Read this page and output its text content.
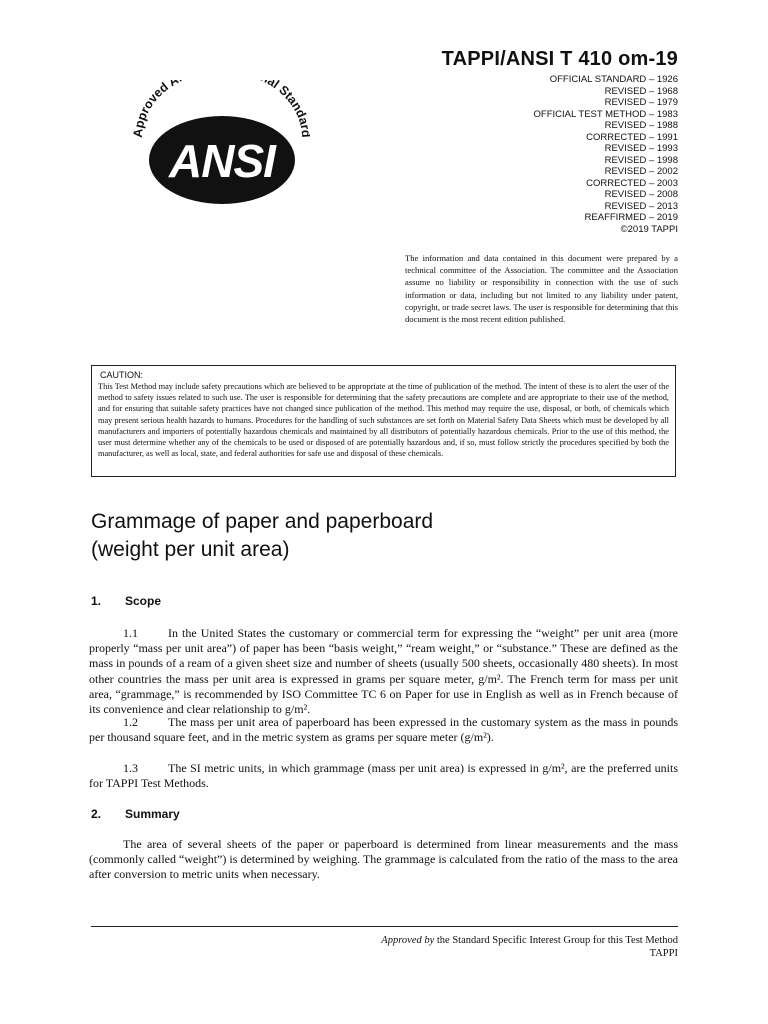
TAPPI/ANSI T 410 om-19
OFFICIAL STANDARD – 1926
REVISED – 1968
REVISED – 1979
OFFICIAL TEST METHOD – 1983
REVISED – 1988
CORRECTED – 1991
REVISED – 1993
REVISED – 1998
REVISED – 2002
CORRECTED – 2003
REVISED – 2008
REVISED – 2013
REAFFIRMED – 2019
©2019 TAPPI
Approved A al Standa
ANSI
The information and data contained in this document were prepared by a technical committee of the Association. The committee and the Association assume no liability or responsibility in connection with the use of such information or data, including but not limited to any liability under patent, copyright, or trade secret laws. The user is responsible for determining that this document is the most recent edition published.
CAUTION:
This Test Method may include safety precautions which are believed to be appropriate at the time of publication of the method. The intent of these is to alert the user of the method to safety issues related to such use. The user is responsible for determining that the safety precautions are complete and are appropriate to their use of the method, and for ensuring that suitable safety practices have not changed since publication of the method. This method may require the use, disposal, or both, of chemicals which may present serious health hazards to humans. Procedures for the handling of such substances are set forth on Material Safety Data Sheets which must be developed by all manufacturers and importers of potentially hazardous chemicals and maintained by all distributors of potentially hazardous chemicals. Prior to the use of this method, the user must determine whether any of the chemicals to be used or disposed of are potentially hazardous and, if so, must follow strictly the procedures specified by both the manufacturer, as well as local, state, and federal authorities for safe use and disposal of these chemicals.
Grammage of paper and paperboard
(weight per unit area)
1. Scope
1.1	In the United States the customary or commercial term for expressing the “weight” per unit area (more properly “mass per unit area”) of paper has been “basis weight,” “ream weight,” or “substance.” These are defined as the mass in pounds of a ream of a given sheet size and number of sheets (usually 500 sheets, occasionally 480 sheets). In most other countries the mass per unit area is expressed in grams per square meter, g/m². The French term for mass per unit area, “grammage,” is recommended by ISO Committee TC 6 on Paper for use in English as well as in French because of its convenience and clear relationship to g/m².
1.2	The mass per unit area of paperboard has been expressed in the customary system as the mass in pounds per thousand square feet, and in the metric system as grams per square meter (g/m²).
1.3	The SI metric units, in which grammage (mass per unit area) is expressed in g/m², are the preferred units for TAPPI Test Methods.
2. Summary
The area of several sheets of the paper or paperboard is determined from linear measurements and the mass (commonly called “weight”) is determined by weighing. The grammage is calculated from the ratio of the mass to the area after conversion to metric units when necessary.
Approved by the Standard Specific Interest Group for this Test Method
TAPPI
